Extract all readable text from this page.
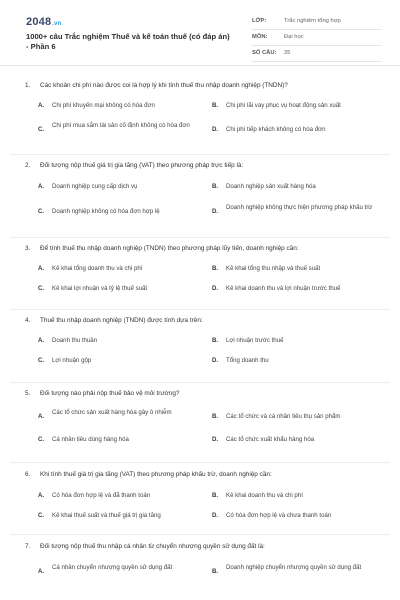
2048.vn
1000+ câu Trắc nghiệm Thuế và kế toán thuế (có đáp án) - Phần 6
LỚP:	Trắc nghiệm tổng hợp
MÔN:	Đại học
SỐ CÂU: 35
1. Các khoản chi phí nào được coi là hợp lý khi tính thuế thu nhập doanh nghiệp (TNDN)?
A. Chi phí khuyến mại không có hóa đơn	B. Chi phí lãi vay phục vụ hoạt động sản xuất
C.
Chi phí mua sắm tài sản cố định không có hóa đơn
D. Chi phí tiếp khách không có hóa đơn
2. Đối tượng nộp thuế giá trị gia tăng (VAT) theo phương pháp trực tiếp là:
A. Doanh nghiệp cung cấp dịch vụ	B. Doanh nghiệp sản xuất hàng hóa
C. Doanh nghiệp không có hóa đơn hợp lệ	D.
Doanh nghiệp không thực hiện phương pháp khấu trừ
3. Để tính thuế thu nhập doanh nghiệp (TNDN) theo phương pháp lũy tiến, doanh nghiệp cần:
A. Kê khai tổng doanh thu và chi phí	B. Kê khai tổng thu nhập và thuế suất
C. Kê khai lợi nhuận và tỷ lệ thuế suất	D. Kê khai doanh thu và lợi nhuận trước thuế
4. Thuế thu nhập doanh nghiệp (TNDN) được tính dựa trên:
A. Doanh thu thuần	B. Lợi nhuận trước thuế
C. Lợi nhuận gộp	D. Tổng doanh thu
5. Đối tượng nào phải nộp thuế bảo vệ môi trường?
A.
Các tổ chức sản xuất hàng hóa gây ô nhiễm
B. Các tổ chức và cá nhân tiêu thụ sản phẩm
C. Cá nhân tiêu dùng hàng hóa	D. Các tổ chức xuất khẩu hàng hóa
6. Khi tính thuế giá trị gia tăng (VAT) theo phương pháp khấu trừ, doanh nghiệp cần:
A. Có hóa đơn hợp lệ và đã thanh toán	B. Kê khai doanh thu và chi phí
C. Kê khai thuế suất và thuế giá trị gia tăng	D. Có hóa đơn hợp lệ và chưa thanh toán
7. Đối tượng nộp thuế thu nhập cá nhân từ chuyển nhượng quyền sử dụng đất là:
A.
Cá nhân chuyển nhượng quyền sử dụng đất
B.
Doanh nghiệp chuyển nhượng quyền sử dụng đất
